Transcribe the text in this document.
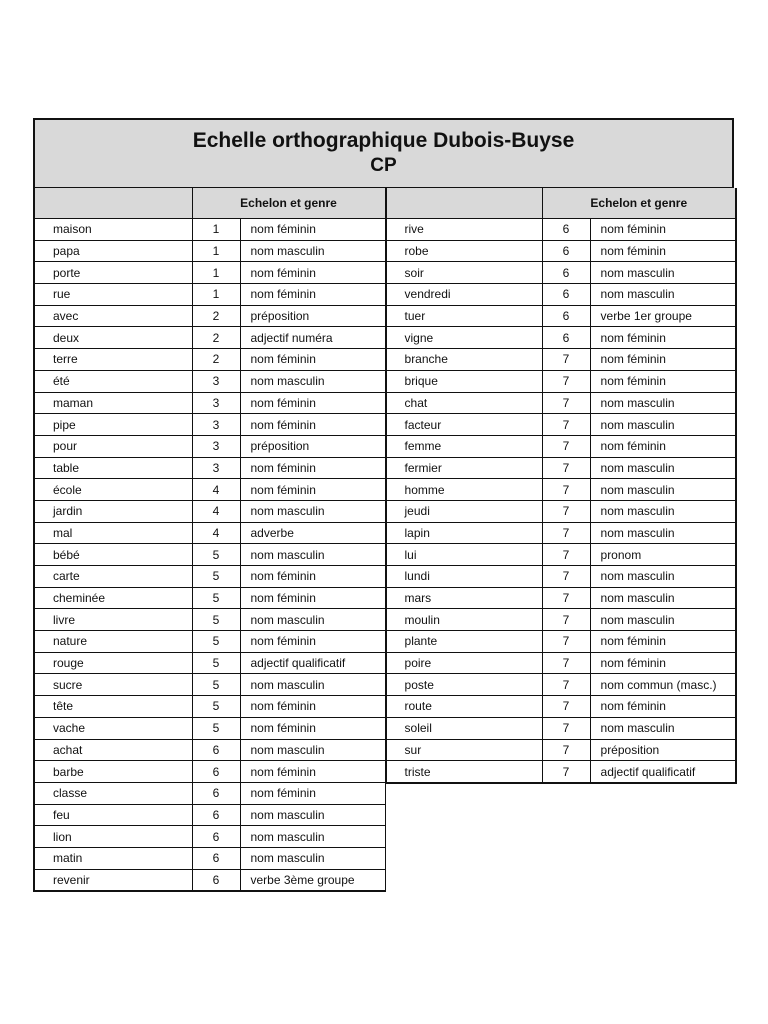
Echelle orthographique Dubois-Buyse
CP
	Echelon et genre	
maison	1	nom féminin
papa	1	nom masculin
porte	1	nom féminin
rue	1	nom féminin
avec	2	préposition
deux	2	adjectif numéra
terre	2	nom féminin
été	3	nom masculin
maman	3	nom féminin
pipe	3	nom féminin
pour	3	préposition
table	3	nom féminin
école	4	nom féminin
jardin	4	nom masculin
mal	4	adverbe
bébé	5	nom masculin
carte	5	nom féminin
cheminée	5	nom féminin
livre	5	nom masculin
nature	5	nom féminin
rouge	5	adjectif qualificatif
sucre	5	nom masculin
tête	5	nom féminin
vache	5	nom féminin
achat	6	nom masculin
barbe	6	nom féminin
classe	6	nom féminin
feu	6	nom masculin
lion	6	nom masculin
matin	6	nom masculin
revenir	6	verbe 3ème groupe
	Echelon et genre	
rive	6	nom féminin
robe	6	nom féminin
soir	6	nom masculin
vendredi	6	nom masculin
tuer	6	verbe 1er groupe
vigne	6	nom féminin
branche	7	nom féminin
brique	7	nom féminin
chat	7	nom masculin
facteur	7	nom masculin
femme	7	nom féminin
fermier	7	nom masculin
homme	7	nom masculin
jeudi	7	nom masculin
lapin	7	nom masculin
lui	7	pronom
lundi	7	nom masculin
mars	7	nom masculin
moulin	7	nom masculin
plante	7	nom féminin
poire	7	nom féminin
poste	7	nom commun (masc.)
route	7	nom féminin
soleil	7	nom masculin
sur	7	préposition
triste	7	adjectif qualificatif
